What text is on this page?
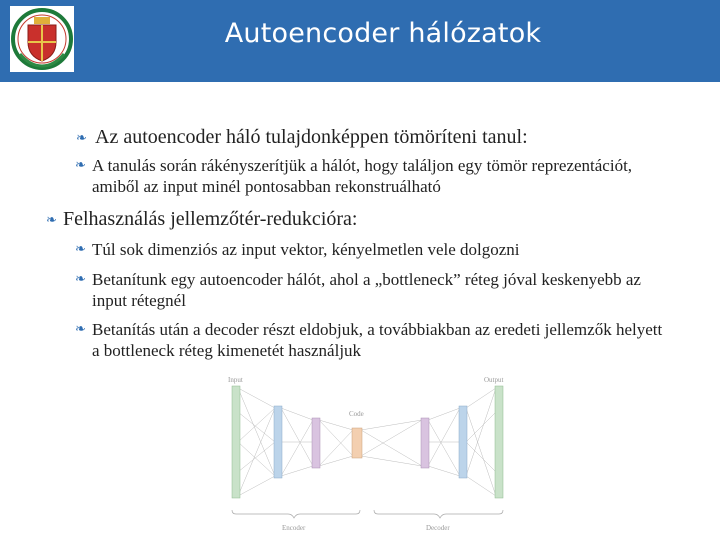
Autoencoder hálózatok
❧ Az autoencoder háló tulajdonképpen tömöríteni tanul:
❧ A tanulás során rákényszerítjük a hálót, hogy találjon egy tömör reprezentációt, amiből az input minél pontosabban rekonstruálható
❧ Felhasználás jellemzőtér-redukcióra:
❧ Túl sok dimenziós az input vektor, kényelmetlen vele dolgozni
❧ Betanítunk egy autoencoder hálót, ahol a „bottleneck” réteg jóval keskenyebb az input rétegnél
❧ Betanítás után a decoder részt eldobjuk, a továbbiakban az eredeti jellemzők helyett a bottleneck réteg kimenetét használjuk
Input	Output
Code
Encoder	Decoder
